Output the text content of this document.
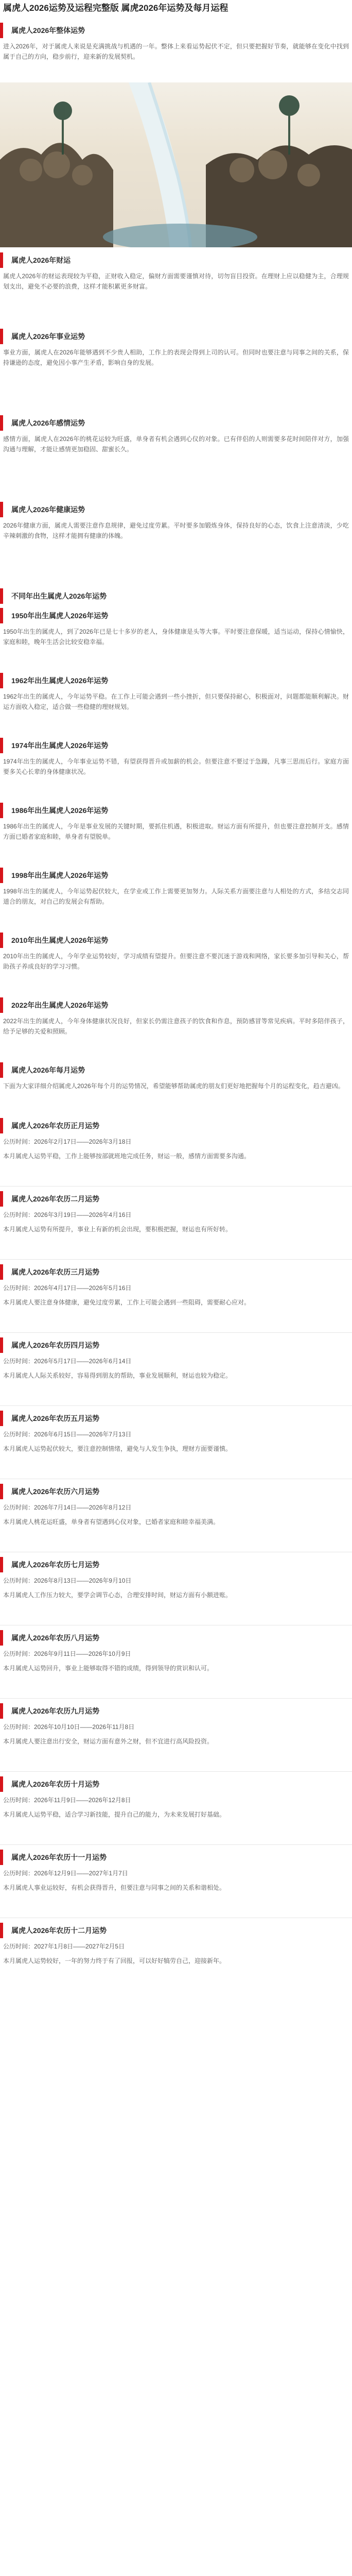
属虎人2026运势及运程完整版 属虎2026年运势及每月运程
属虎人2026年整体运势
进入2026年，对于属虎人来说是充满挑战与机遇的一年。整体上来看运势起伏不定，但只要把握好节奏，就能够在变化中找到属于自己的方向，稳步前行，迎来新的发展契机。
属虎人2026年财运
属虎人2026年的财运表现较为平稳，正财收入稳定，偏财方面需要谨慎对待，切勿盲目投资。在理财上应以稳健为主，合理规划支出，避免不必要的浪费，这样才能积累更多财富。
属虎人2026年事业运势
事业方面，属虎人在2026年能够遇到不少贵人相助，工作上的表现会得到上司的认可。但同时也要注意与同事之间的关系，保持谦逊的态度，避免因小事产生矛盾，影响自身的发展。
属虎人2026年感情运势
感情方面，属虎人在2026年的桃花运较为旺盛，单身者有机会遇到心仪的对象。已有伴侣的人则需要多花时间陪伴对方，加强沟通与理解，才能让感情更加稳固、甜蜜长久。
属虎人2026年健康运势
2026年健康方面，属虎人需要注意作息规律，避免过度劳累。平时要多加锻炼身体，保持良好的心态，饮食上注意清淡，少吃辛辣刺激的食物，这样才能拥有健康的体魄。
不同年出生属虎人2026年运势
1950年出生属虎人2026年运势
1950年出生的属虎人，到了2026年已是七十多岁的老人，身体健康是头等大事。平时要注意保暖，适当运动，保持心情愉快，家庭和睦，晚年生活会比较安稳幸福。
1962年出生属虎人2026年运势
1962年出生的属虎人，今年运势平稳。在工作上可能会遇到一些小挫折，但只要保持耐心，积极面对，问题都能顺利解决。财运方面收入稳定，适合做一些稳健的理财规划。
1974年出生属虎人2026年运势
1974年出生的属虎人，今年事业运势不错，有望获得晋升或加薪的机会。但要注意不要过于急躁，凡事三思而后行。家庭方面要多关心长辈的身体健康状况。
1986年出生属虎人2026年运势
1986年出生的属虎人，今年是事业发展的关键时期，要抓住机遇，积极进取。财运方面有所提升，但也要注意控制开支。感情方面已婚者家庭和睦，单身者有望脱单。
1998年出生属虎人2026年运势
1998年出生的属虎人，今年运势起伏较大，在学业或工作上需要更加努力。人际关系方面要注意与人相处的方式，多结交志同道合的朋友，对自己的发展会有帮助。
2010年出生属虎人2026年运势
2010年出生的属虎人，今年学业运势较好，学习成绩有望提升。但要注意不要沉迷于游戏和网络，家长要多加引导和关心，帮助孩子养成良好的学习习惯。
2022年出生属虎人2026年运势
2022年出生的属虎人，今年身体健康状况良好，但家长仍需注意孩子的饮食和作息，预防感冒等常见疾病。平时多陪伴孩子，给予足够的关爱和照顾。
属虎人2026年每月运势
下面为大家详细介绍属虎人2026年每个月的运势情况，希望能够帮助属虎的朋友们更好地把握每个月的运程变化，趋吉避凶。
属虎人2026年农历正月运势
公历时间：2026年2月17日——2026年3月18日
本月属虎人运势平稳，工作上能够按部就班地完成任务，财运一般，感情方面需要多沟通。
属虎人2026年农历二月运势
公历时间：2026年3月19日——2026年4月16日
本月属虎人运势有所提升，事业上有新的机会出现，要积极把握，财运也有所好转。
属虎人2026年农历三月运势
公历时间：2026年4月17日——2026年5月16日
本月属虎人要注意身体健康，避免过度劳累，工作上可能会遇到一些阻碍，需要耐心应对。
属虎人2026年农历四月运势
公历时间：2026年5月17日——2026年6月14日
本月属虎人人际关系较好，容易得到朋友的帮助，事业发展顺利，财运也较为稳定。
属虎人2026年农历五月运势
公历时间：2026年6月15日——2026年7月13日
本月属虎人运势起伏较大，要注意控制情绪，避免与人发生争执，理财方面要谨慎。
属虎人2026年农历六月运势
公历时间：2026年7月14日——2026年8月12日
本月属虎人桃花运旺盛，单身者有望遇到心仪对象，已婚者家庭和睦幸福美满。
属虎人2026年农历七月运势
公历时间：2026年8月13日——2026年9月10日
本月属虎人工作压力较大，要学会调节心态，合理安排时间，财运方面有小额进账。
属虎人2026年农历八月运势
公历时间：2026年9月11日——2026年10月9日
本月属虎人运势回升，事业上能够取得不错的成绩，得到领导的赏识和认可。
属虎人2026年农历九月运势
公历时间：2026年10月10日——2026年11月8日
本月属虎人要注意出行安全，财运方面有意外之财，但不宜进行高风险投资。
属虎人2026年农历十月运势
公历时间：2026年11月9日——2026年12月8日
本月属虎人运势平稳，适合学习新技能，提升自己的能力，为未来发展打好基础。
属虎人2026年农历十一月运势
公历时间：2026年12月9日——2027年1月7日
本月属虎人事业运较好，有机会获得晋升，但要注意与同事之间的关系和谐相处。
属虎人2026年农历十二月运势
公历时间：2027年1月8日——2027年2月5日
本月属虎人运势较好，一年的努力终于有了回报，可以好好犒劳自己，迎接新年。
